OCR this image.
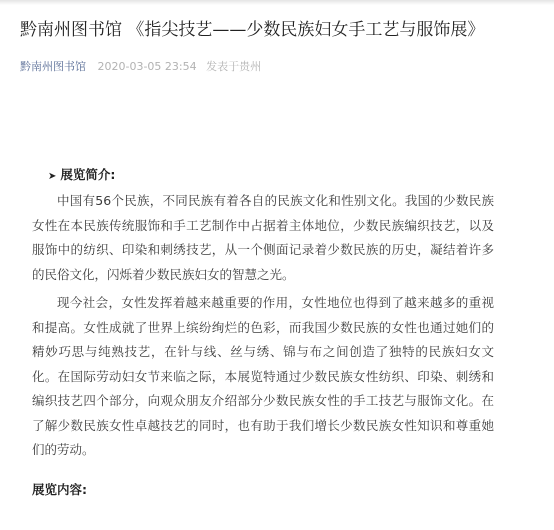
黔南州图书馆 《指尖技艺——少数民族妇女手工艺与服饰展》
黔南州图书馆 2020-03-05 23:54 发表于贵州
➤ 展览简介:

中国有56个民族，不同民族有着各自的民族文化和性别文化。我国的少数民族女性在本民族传统服饰和手工艺制作中占据着主体地位，少数民族编织技艺，以及服饰中的纺织、印染和刺绣技艺，从一个侧面记录着少数民族的历史，凝结着许多的民俗文化，闪烁着少数民族妇女的智慧之光。

现今社会，女性发挥着越来越重要的作用，女性地位也得到了越来越多的重视和提高。女性成就了世界上缤纷绚烂的色彩，而我国少数民族的女性也通过她们的精妙巧思与纯熟技艺，在针与线、丝与绣、锦与布之间创造了独特的民族妇女文化。在国际劳动妇女节来临之际，本展览特通过少数民族女性纺织、印染、刺绣和编织技艺四个部分，向观众朋友介绍部分少数民族女性的手工技艺与服饰文化。在了解少数民族女性卓越技艺的同时，也有助于我们增长少数民族女性知识和尊重她们的劳动。

展览内容:
